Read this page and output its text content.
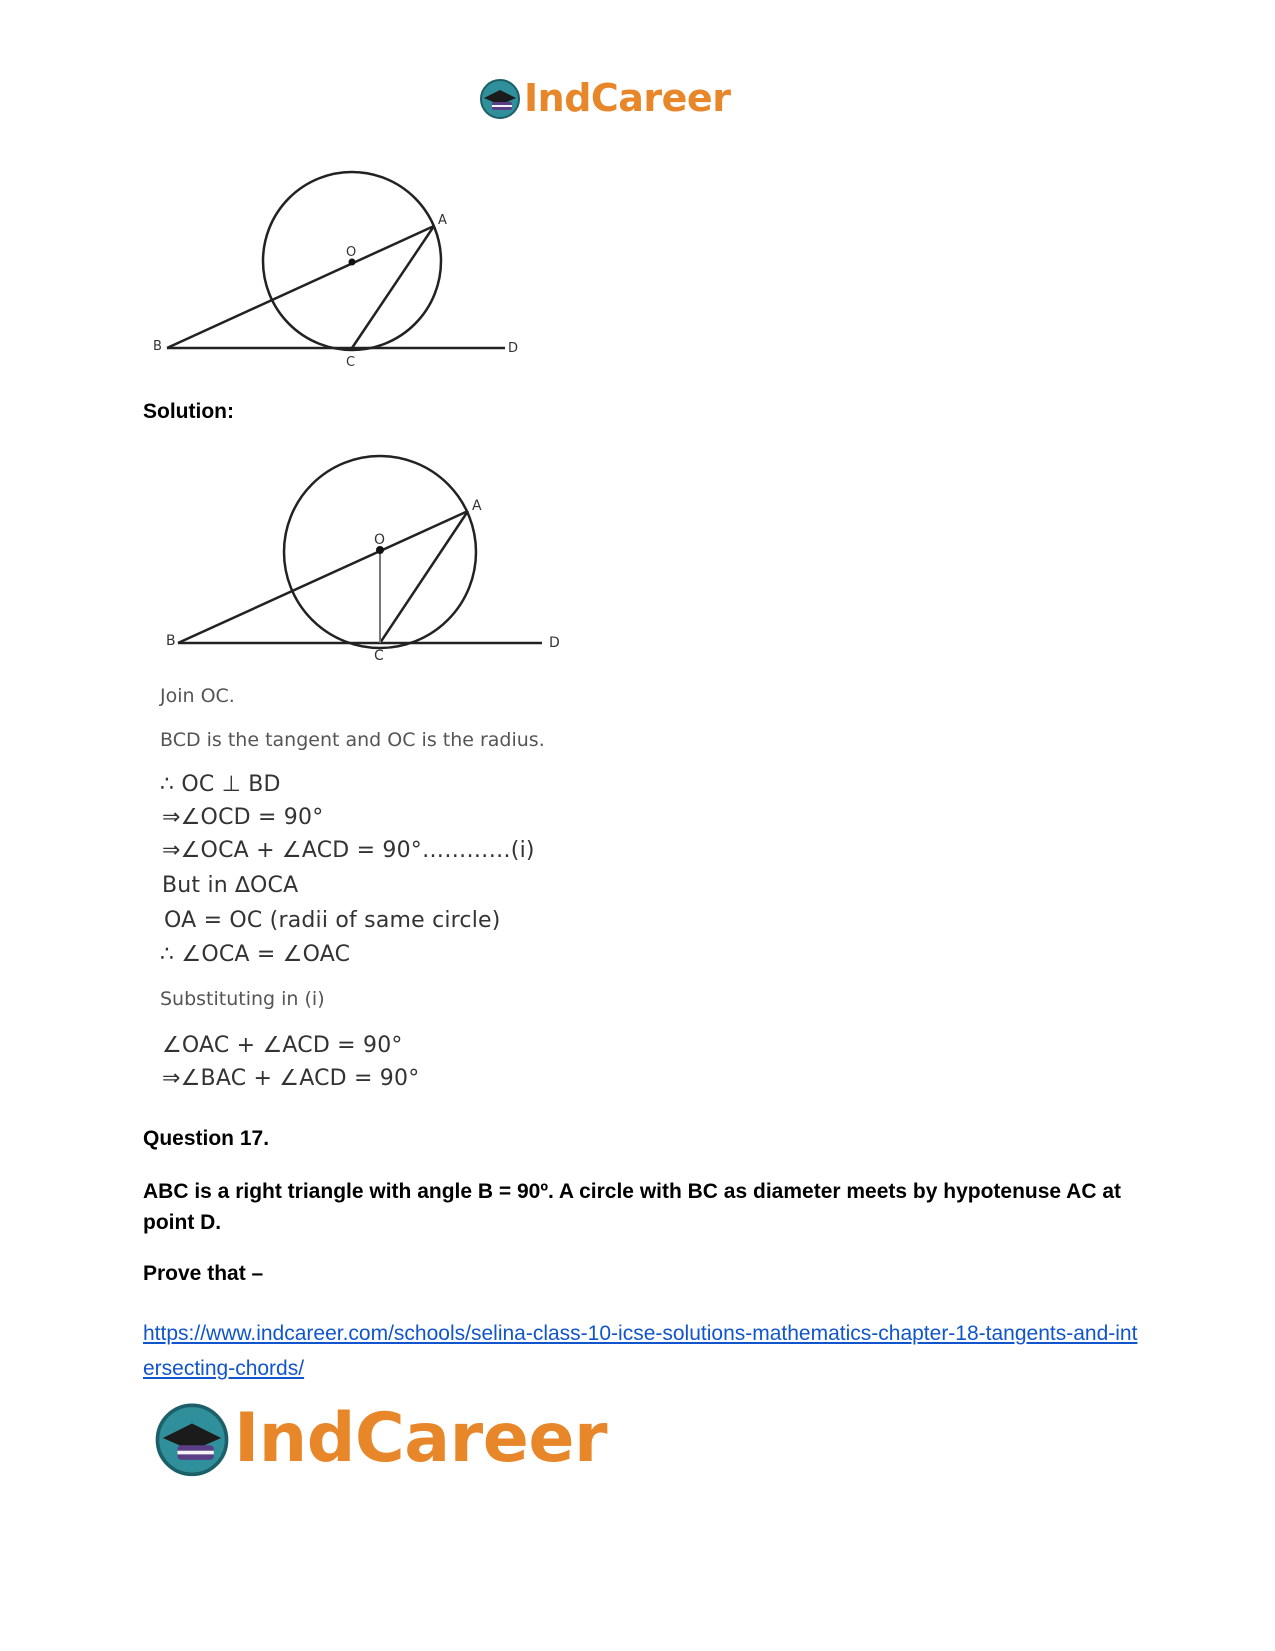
IndCareer
O
A
B
C
D
Solution:
O
A
B
C
D
Join OC.
BCD is the tangent and OC is the radius.
∴ OC ⊥ BD
⇒∠OCD = 90°
⇒∠OCA + ∠ACD = 90°…………(i)
But in ∆OCA
OA = OC (radii of same circle)
∴ ∠OCA = ∠OAC
Substituting in (i)
∠OAC + ∠ACD = 90°
⇒∠BAC + ∠ACD = 90°
Question 17.
ABC is a right triangle with angle B = 90º. A circle with BC as diameter meets by hypotenuse AC at point D.
Prove that –
https://www.indcareer.com/schools/selina-class-10-icse-solutions-mathematics-chapter-18-tangents-and-intersecting-chords/
IndCareer
